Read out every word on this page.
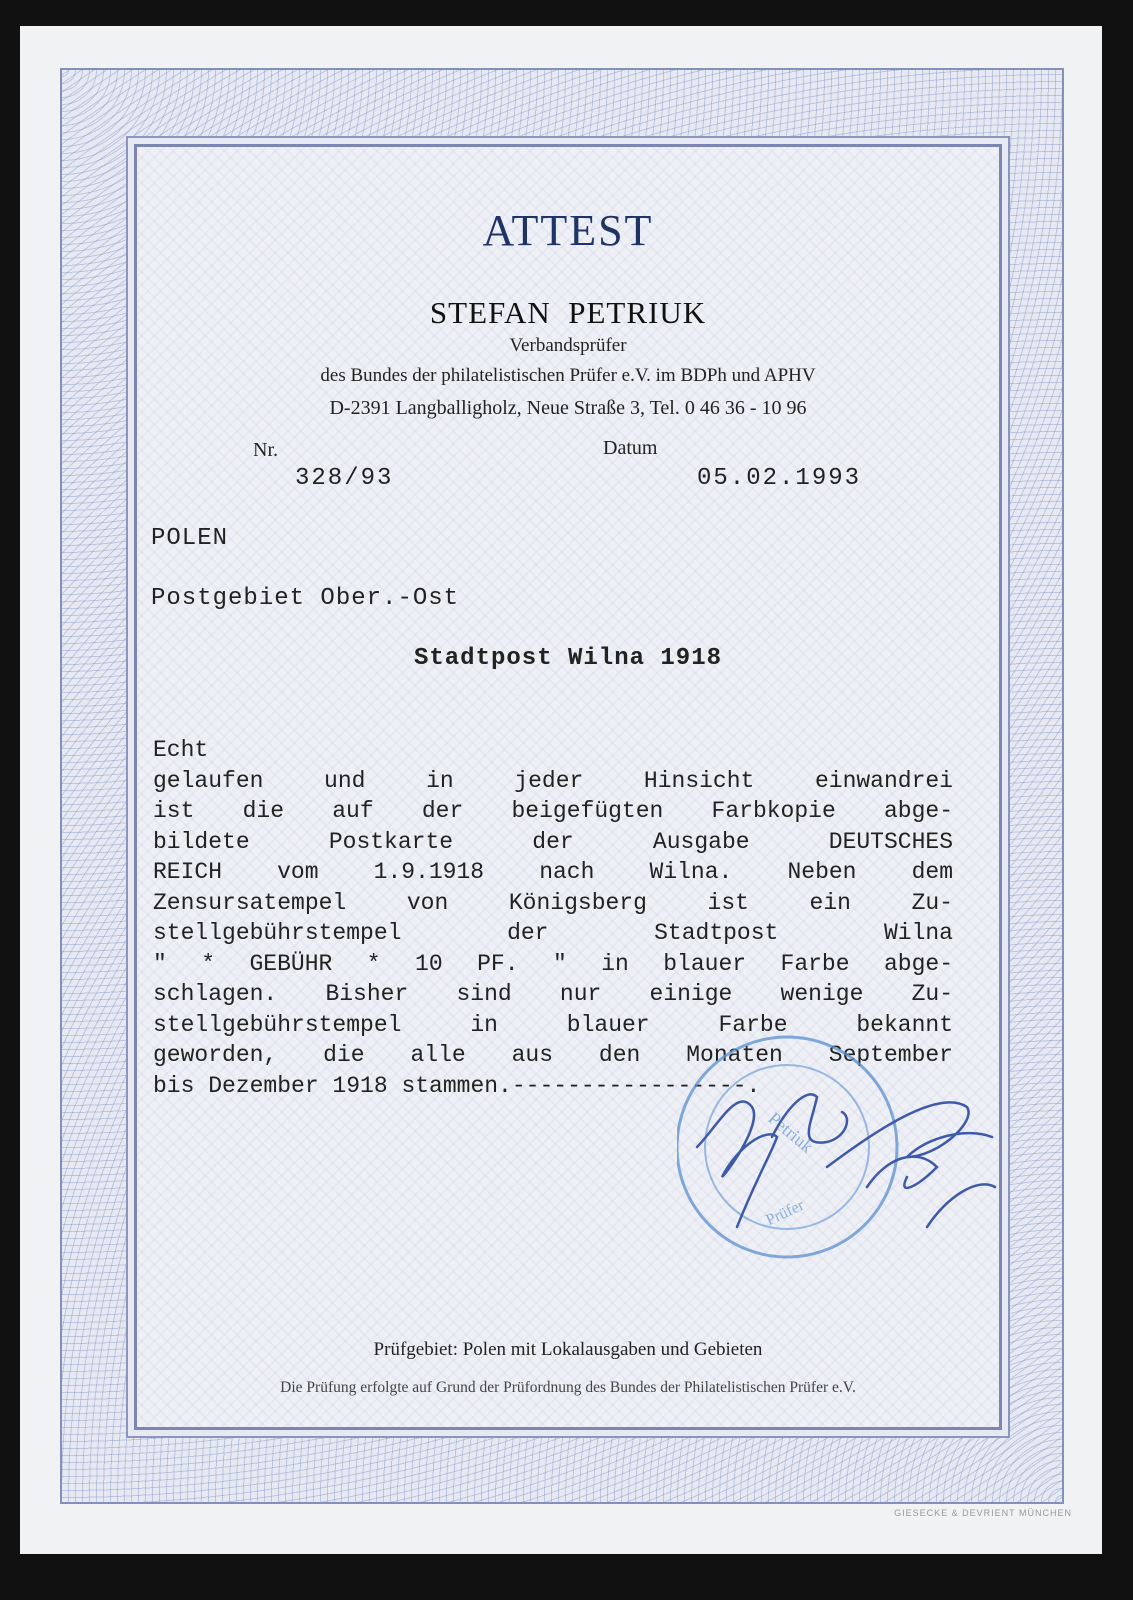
ATTEST
STEFAN  PETRIUK
Verbandsprüfer
des Bundes der philatelistischen Prüfer e.V. im BDPh und APHV
D-2391 Langballigholz, Neue Straße 3, Tel. 0 46 36 - 10 96
Nr.
328/93
Datum
05.02.1993
POLEN
Postgebiet Ober.-Ost
Stadtpost Wilna 1918
Echt
gelaufen und in jeder Hinsicht einwandrei
ist die auf der beigefügten Farbkopie abge-
bildete Postkarte der Ausgabe DEUTSCHES
REICH vom 1.9.1918 nach Wilna. Neben dem
Zensursatempel von Königsberg ist ein Zu-
stellgebührstempel der Stadtpost Wilna
" * GEBÜHR * 10 PF. " in blauer Farbe abge-
schlagen. Bisher sind nur einige wenige Zu-
stellgebührstempel in blauer Farbe bekannt
geworden, die alle aus den Monaten September
bis Dezember 1918 stammen.-----------------.
Petriuk
Prüfer
Prüfgebiet: Polen mit Lokalausgaben und Gebieten
Die Prüfung erfolgte auf Grund der Prüfordnung des Bundes der Philatelistischen Prüfer e.V.
GIESECKE & DEVRIENT MÜNCHEN
